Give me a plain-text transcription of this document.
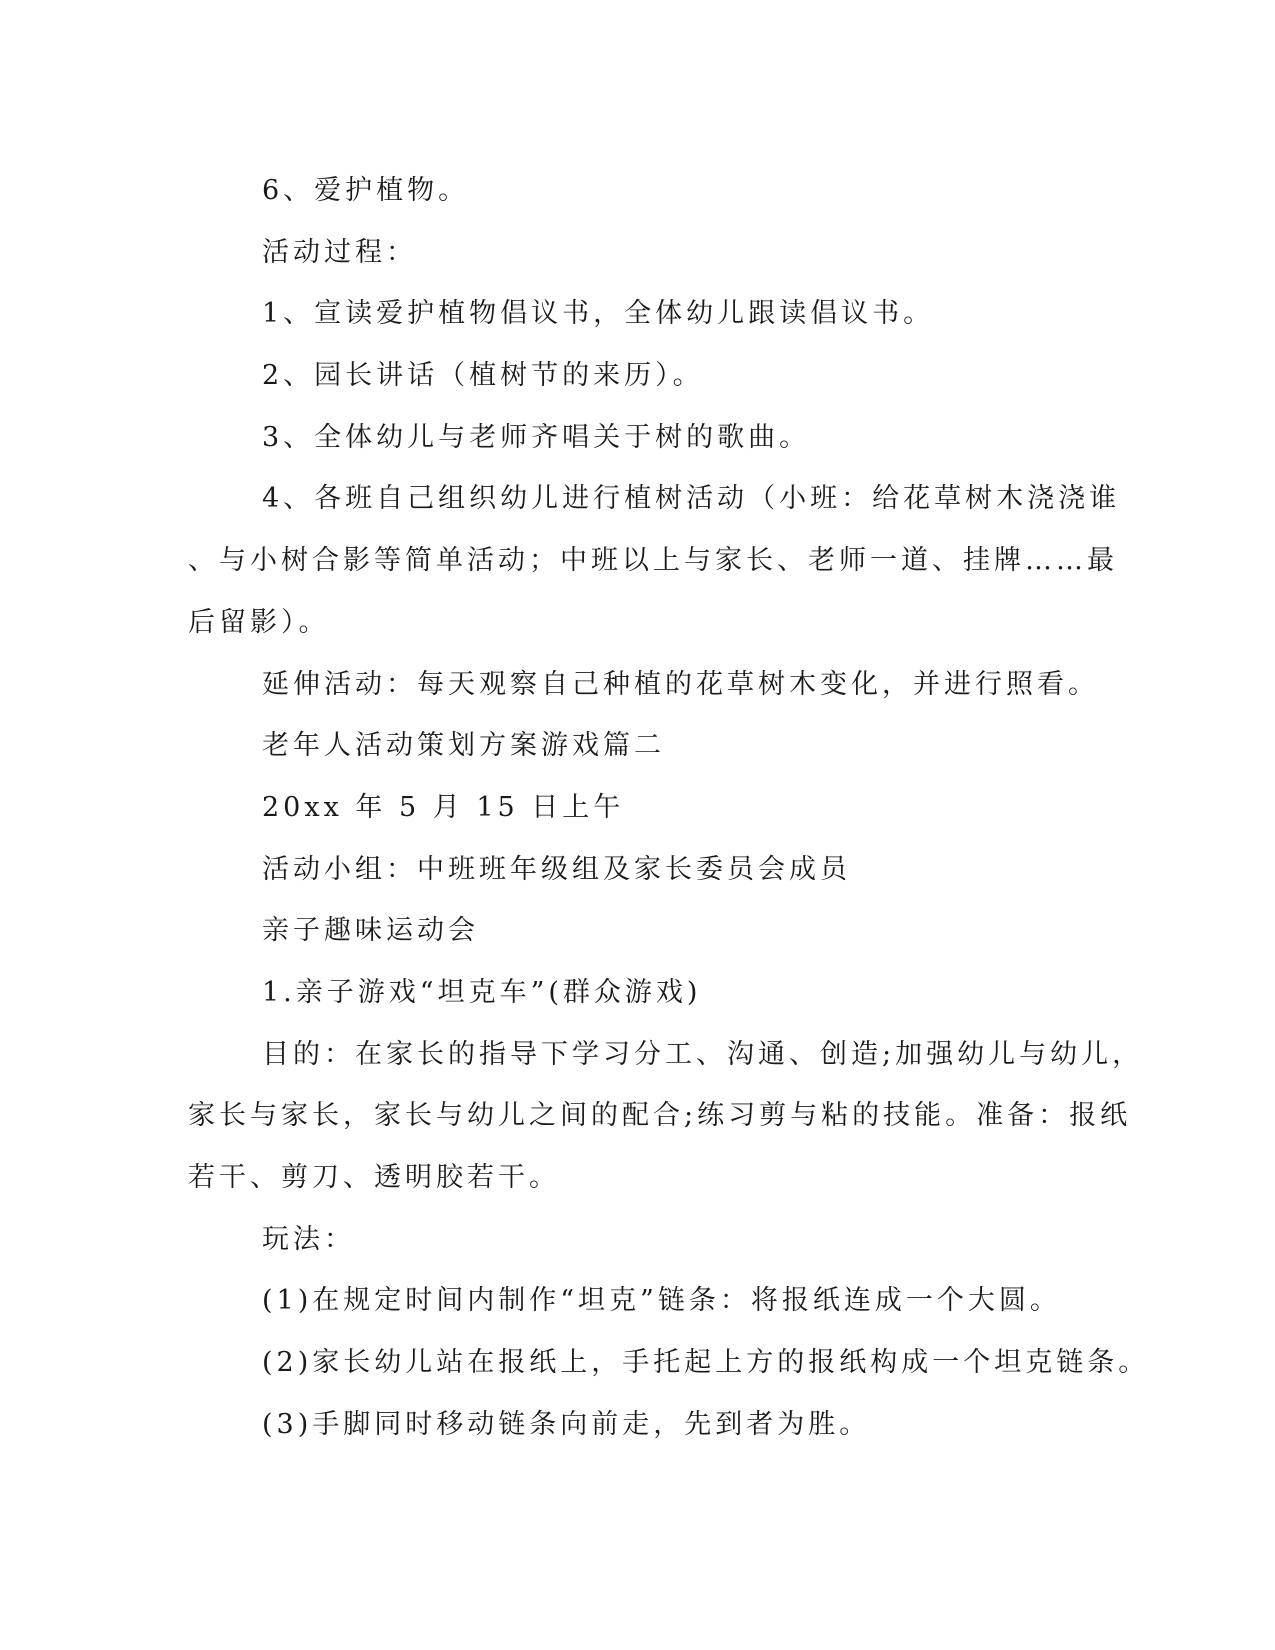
6、爱护植物。
活动过程：
1、宣读爱护植物倡议书，全体幼儿跟读倡议书。
2、园长讲话（植树节的来历）。
3、全体幼儿与老师齐唱关于树的歌曲。
4、各班自己组织幼儿进行植树活动（小班：给花草树木浇浇谁
、与小树合影等简单活动；中班以上与家长、老师一道、挂牌……最
后留影）。
延伸活动：每天观察自己种植的花草树木变化，并进行照看。
老年人活动策划方案游戏篇二
20xx 年 5 月 15 日上午
活动小组：中班班年级组及家长委员会成员
亲子趣味运动会
1.亲子游戏“坦克车”(群众游戏)
目的：在家长的指导下学习分工、沟通、创造;加强幼儿与幼儿，
家长与家长，家长与幼儿之间的配合;练习剪与粘的技能。准备：报纸
若干、剪刀、透明胶若干。
玩法：
(1)在规定时间内制作“坦克”链条：将报纸连成一个大圆。
(2)家长幼儿站在报纸上，手托起上方的报纸构成一个坦克链条。
(3)手脚同时移动链条向前走，先到者为胜。
